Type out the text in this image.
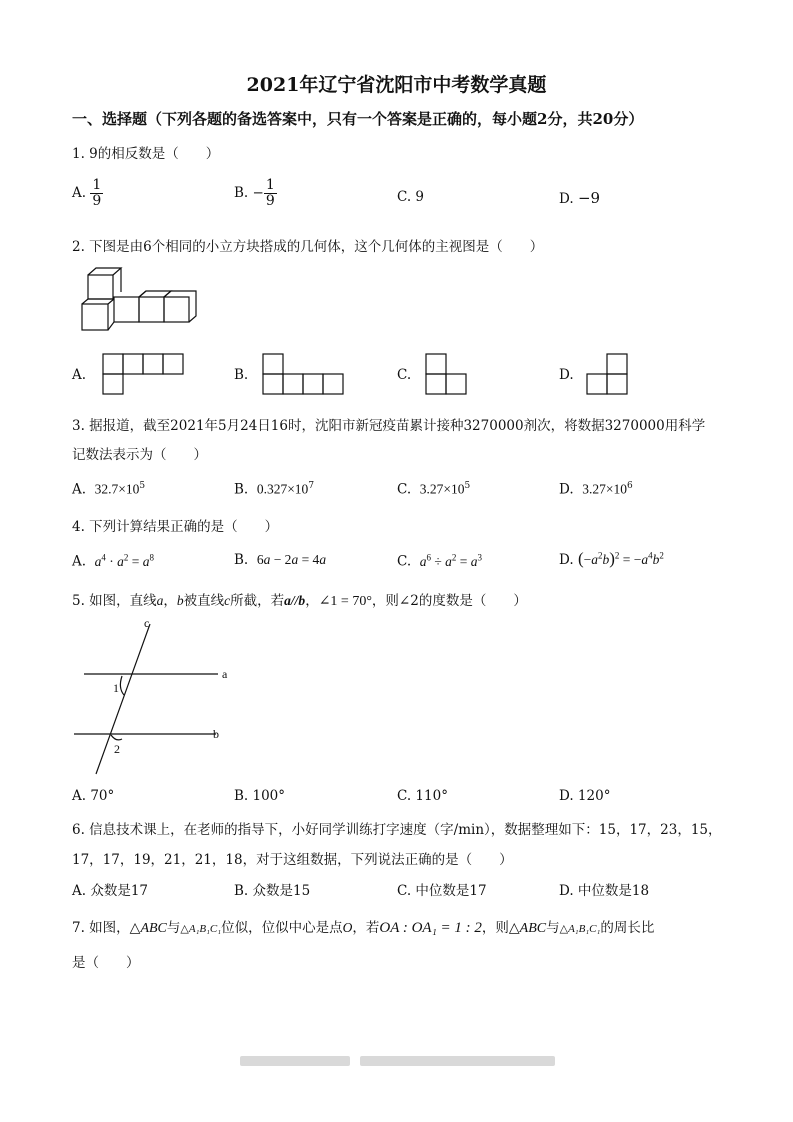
2021年辽宁省沈阳市中考数学真题
一、选择题（下列各题的备选答案中，只有一个答案是正确的，每小题2分，共20分）
1. 9的相反数是（　　）
A. $\frac{1}{9}$	B. − $\frac{1}{9}$	C. 9	D. −9
2. 下图是由6个相同的小立方块搭成的几何体，这个几何体的主视图是（　　）
A.	B.	C.	D.
3. 据报道，截至2021年5月24日16时，沈阳市新冠疫苗累计接种3270000剂次，将数据3270000用科学
记数法表示为（　　）
A. $32.7\times 10^5$	B. $0.327\times 10^7$	C. $3.27\times 10^5$	D. $3.27\times 10^6$
4. 下列计算结果正确的是（　　）
A. $a^4 \cdot a^2 = a^8$	B. 6a − 2a = 4a	C. $a^6 \div a^2 = a^3$	D. $(-a^2b)^2 = -a^4b^2$
5. 如图，直线a，b被直线c所截，若a//b，∠1 = 70°，则∠2的度数是（　　）
c
a
b
1
2
A. 70°	B. 100°	C. 110°	D. 120°
6. 信息技术课上，在老师的指导下，小好同学训练打字速度（字/min），数据整理如下：15，17，23，15，
17，17，19，21，21，18，对于这组数据，下列说法正确的是（　　）
A. 众数是17	B. 众数是15	C. 中位数是17	D. 中位数是18
7. 如图，△ABC与△A₁B₁C₁位似，位似中心是点O，若OA : OA₁ = 1 : 2，则△ABC与△A₁B₁C₁的周长比
是（　　）
